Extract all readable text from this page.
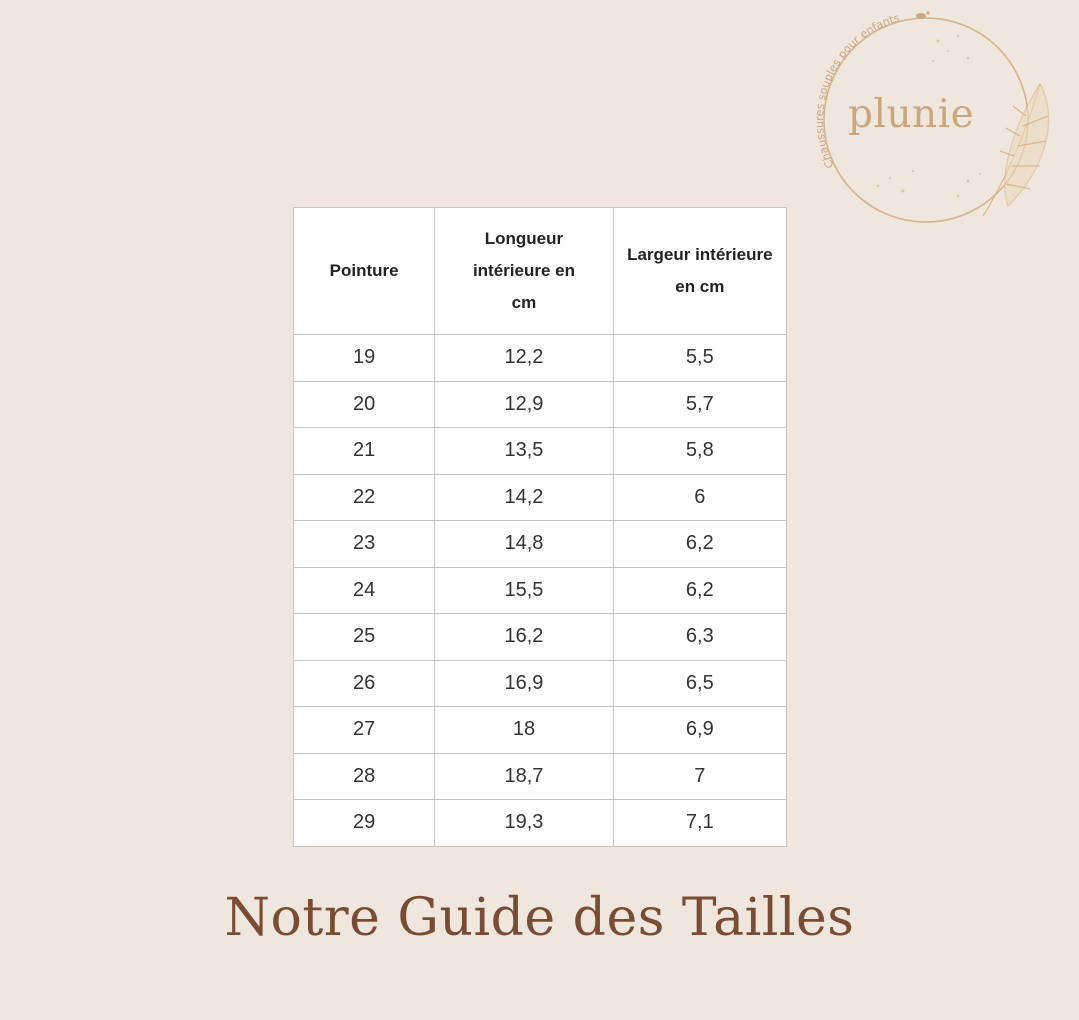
Chaussures souples pour enfants

plunie

Pointure	Longueur intérieure en cm	Largeur intérieure en cm
19	12,2	5,5
20	12,9	5,7
21	13,5	5,8
22	14,2	6
23	14,8	6,2
24	15,5	6,2
25	16,2	6,3
26	16,9	6,5
27	18	6,9
28	18,7	7
29	19,3	7,1
Notre Guide des Tailles
